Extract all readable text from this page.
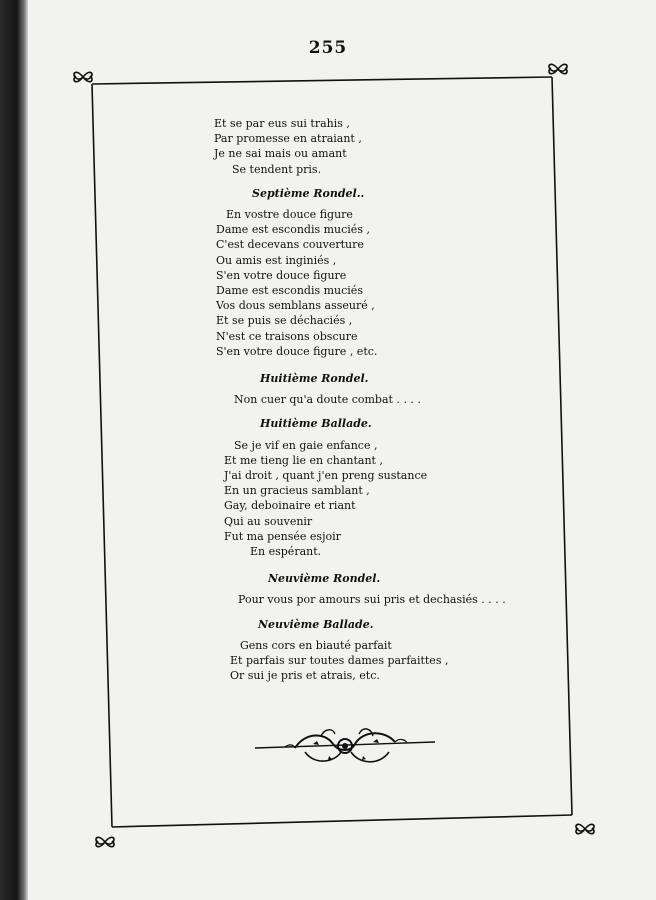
255
Et se par eus sui trahis ,
Par promesse en atraiant ,
Je ne sai mais ou amant
Se tendent pris.
Septième Rondel..
En vostre douce figure
Dame est escondis muciés ,
C'est decevans couverture
Ou amis est inginiés ,
S'en votre douce figure
Dame est escondis muciés
Vos dous semblans asseuré ,
Et se puis se déchaciés ,
N'est ce traisons obscure
S'en votre douce figure , etc.
Huitième Rondel.
Non cuer qu'a doute combat . . . .
Huitième Ballade.
Se je vif en gaie enfance ,
Et me tieng lie en chantant ,
J'ai droit , quant j'en preng sustance
En un gracieus samblant ,
Gay, deboinaire et riant
Qui au souvenir
Fut ma pensée esjoir
En espérant.
Neuvième Rondel.
Pour vous por amours sui pris et dechasiés . . . .
Neuvième Ballade.
Gens cors en biauté parfait
Et parfais sur toutes dames parfaittes ,
Or sui je pris et atrais, etc.
